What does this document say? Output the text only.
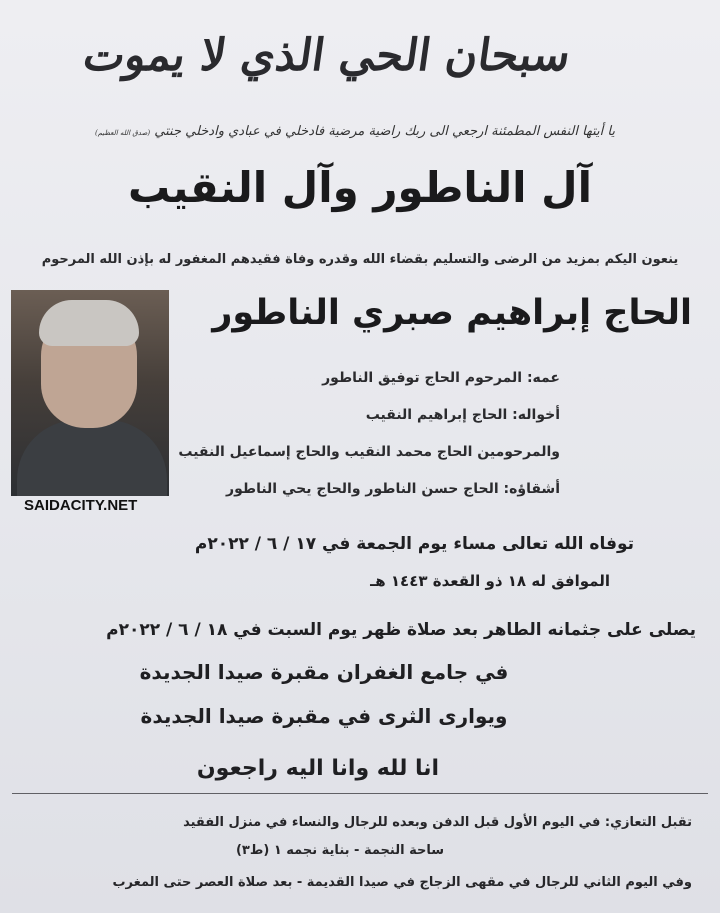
سبحان الحي الذي لا يموت
يا أيتها النفس المطمئنة ارجعي الى ربك راضية مرضية فادخلي في عبادي وادخلي جنتي (صدق الله العظيم)
آل الناطور وآل النقيب
ينعون اليكم بمزيد من الرضى والتسليم بقضاء الله وقدره وفاة فقيدهم المغفور له بإذن الله المرحوم
الحاج إبراهيم صبري الناطور
عمه: المرحوم الحاج توفيق الناطور
أخواله: الحاج إبراهيم النقيب
والمرحومين الحاج محمد النقيب والحاج إسماعيل النقيب
أشقاؤه: الحاج حسن الناطور والحاج يحي الناطور
SAIDACITY.NET
توفاه الله تعالى مساء يوم الجمعة في ١٧ / ٦ / ٢٠٢٢م
الموافق له ١٨ ذو القعدة ١٤٤٣ هـ
يصلى على جثمانه الطاهر بعد صلاة ظهر يوم السبت في ١٨ / ٦ / ٢٠٢٢م
في جامع الغفران مقبرة صيدا الجديدة
ويوارى الثرى في مقبرة صيدا الجديدة
انا لله وانا اليه راجعون
تقبل التعازي: في اليوم الأول قبل الدفن وبعده للرجال والنساء في منزل الفقيد
ساحة النجمة - بناية نجمه ١ (ط٣)
وفي اليوم الثاني للرجال في مقهى الزجاج في صيدا القديمة - بعد صلاة العصر حتى المغرب
